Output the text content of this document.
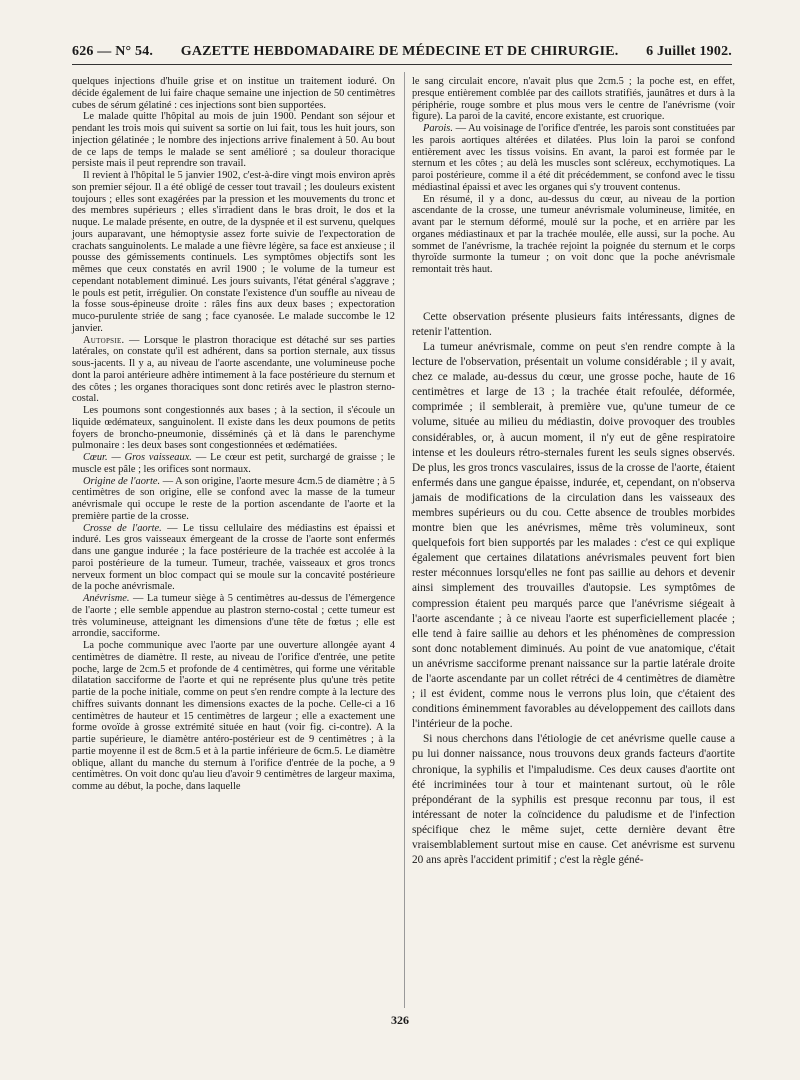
626 — N° 54. GAZETTE HEBDOMADAIRE DE MÉDECINE ET DE CHIRURGIE. 6 Juillet 1902.

quelques injections d'huile grise et on institue un traitement ioduré. On décide également de lui faire chaque semaine une injection de 50 centimètres cubes de sérum gélatiné : ces injections sont bien supportées.

Le malade quitte l'hôpital au mois de juin 1900. Pendant son séjour et pendant les trois mois qui suivent sa sortie on lui fait, tous les huit jours, son injection gélatinée ; le nombre des injections arrive finalement à 50. Au bout de ce laps de temps le malade se sent amélioré ; sa douleur thoracique persiste mais il peut reprendre son travail.

Il revient à l'hôpital le 5 janvier 1902, c'est-à-dire vingt mois environ après son premier séjour. Il a été obligé de cesser tout travail ; les douleurs existent toujours ; elles sont exagérées par la pression et les mouvements du tronc et des membres supérieurs ; elles s'irradient dans le bras droit, le dos et la nuque. Le malade présente, en outre, de la dyspnée et il est survenu, quelques jours auparavant, une hémoptysie assez forte suivie de l'expectoration de crachats sanguinolents. Le malade a une fièvre légère, sa face est anxieuse ; il pousse des gémissements continuels. Les symptômes objectifs sont les mêmes que ceux constatés en avril 1900 ; le volume de la tumeur est cependant notablement diminué. Les jours suivants, l'état général s'aggrave ; le pouls est petit, irrégulier. On constate l'existence d'un souffle au niveau de la fosse sous-épineuse droite : râles fins aux deux bases ; expectoration muco-purulente striée de sang ; face cyanosée. Le malade succombe le 12 janvier.

Autopsie. — Lorsque le plastron thoracique est détaché sur ses parties latérales, on constate qu'il est adhérent, dans sa portion sternale, aux tissus sous-jacents. Il y a, au niveau de l'aorte ascendante, une volumineuse poche dont la paroi antérieure adhère intimement à la face postérieure du sternum et des côtes ; les organes thoraciques sont donc retirés avec le plastron sterno-costal.

Les poumons sont congestionnés aux bases ; à la section, il s'écoule un liquide œdémateux, sanguinolent. Il existe dans les deux poumons de petits foyers de broncho-pneumonie, disséminés çà et là dans le parenchyme pulmonaire : les deux bases sont congestionnées et œdématiées.

Cœur. — Gros vaisseaux. — Le cœur est petit, surchargé de graisse ; le muscle est pâle ; les orifices sont normaux.

Origine de l'aorte. — A son origine, l'aorte mesure 4cm.5 de diamètre ; à 5 centimètres de son origine, elle se confond avec la masse de la tumeur anévrismale qui occupe le reste de la portion ascendante de l'aorte et la première partie de la crosse.

Crosse de l'aorte. — Le tissu cellulaire des médiastins est épaissi et induré. Les gros vaisseaux émergeant de la crosse de l'aorte sont enfermés dans une gangue indurée ; la face postérieure de la trachée est accolée à la paroi postérieure de la tumeur. Tumeur, trachée, vaisseaux et gros troncs nerveux forment un bloc compact qui se moule sur la concavité postérieure de la poche anévrismale.

Anévrisme. — La tumeur siège à 5 centimètres au-dessus de l'émergence de l'aorte ; elle semble appendue au plastron sterno-costal ; cette tumeur est très volumineuse, atteignant les dimensions d'une tête de fœtus ; elle est arrondie, sacciforme.

La poche communique avec l'aorte par une ouverture allongée ayant 4 centimètres de diamètre. Il reste, au niveau de l'orifice d'entrée, une petite poche, large de 2cm.5 et profonde de 4 centimètres, qui forme une véritable dilatation sacciforme de l'aorte et qui ne représente plus qu'une très petite partie de la poche initiale, comme on peut s'en rendre compte à la lecture des chiffres suivants donnant les dimensions exactes de la poche. Celle-ci a 16 centimètres de hauteur et 15 centimètres de largeur ; elle a exactement une forme ovoïde à grosse extrémité située en haut (voir fig. ci-contre). A la partie supérieure, le diamètre antéro-postérieur est de 9 centimètres ; à la partie moyenne il est de 8cm.5 et à la partie inférieure de 6cm.5. Le diamètre oblique, allant du manche du sternum à l'orifice d'entrée de la poche, a 9 centimètres. On voit donc qu'au lieu d'avoir 9 centimètres de largeur maxima, comme au début, la poche, dans laquelle

le sang circulait encore, n'avait plus que 2cm.5 ; la poche est, en effet, presque entièrement comblée par des caillots stratifiés, jaunâtres et durs à la périphérie, rouge sombre et plus mous vers le centre de l'anévrisme (voir figure). La paroi de la cavité, encore existante, est cruorique.

Parois. — Au voisinage de l'orifice d'entrée, les parois sont constituées par les parois aortiques altérées et dilatées. Plus loin la paroi se confond entièrement avec les tissus voisins. En avant, la paroi est formée par le sternum et les côtes ; au delà les muscles sont scléreux, ecchymotiques. La paroi postérieure, comme il a été dit précédemment, se confond avec le tissu médiastinal épaissi et avec les organes qui s'y trouvent contenus.

En résumé, il y a donc, au-dessus du cœur, au niveau de la portion ascendante de la crosse, une tumeur anévrismale volumineuse, limitée, en avant par le sternum déformé, moulé sur la poche, et en arrière par les organes médiastinaux et par la trachée moulée, elle aussi, sur la poche. Au sommet de l'anévrisme, la trachée rejoint la poignée du sternum et le corps thyroïde surmonte la tumeur ; on voit donc que la poche anévrismale remontait très haut.

Cette observation présente plusieurs faits intéressants, dignes de retenir l'attention.

La tumeur anévrismale, comme on peut s'en rendre compte à la lecture de l'observation, présentait un volume considérable ; il y avait, chez ce malade, au-dessus du cœur, une grosse poche, haute de 16 centimètres et large de 13 ; la trachée était refoulée, déformée, comprimée ; il semblerait, à première vue, qu'une tumeur de ce volume, située au milieu du médiastin, doive provoquer des troubles considérables, or, à aucun moment, il n'y eut de gêne respiratoire intense et les douleurs rétro-sternales furent les seuls signes observés. De plus, les gros troncs vasculaires, issus de la crosse de l'aorte, étaient enfermés dans une gangue épaisse, indurée, et, cependant, on n'observa jamais de modifications de la circulation dans les vaisseaux des membres supérieurs ou du cou. Cette absence de troubles morbides montre bien que les anévrismes, même très volumineux, sont quelquefois fort bien supportés par les malades : c'est ce qui explique également que certaines dilatations anévrismales peuvent fort bien rester méconnues lorsqu'elles ne font pas saillie au dehors et devenir ainsi simplement des trouvailles d'autopsie. Les symptômes de compression étaient peu marqués parce que l'anévrisme siégeait à l'aorte ascendante ; à ce niveau l'aorte est superficiellement placée ; elle tend à faire saillie au dehors et les phénomènes de compression sont donc notablement diminués. Au point de vue anatomique, c'était un anévrisme sacciforme prenant naissance sur la partie latérale droite de l'aorte ascendante par un collet rétréci de 4 centimètres de diamètre ; il est évident, comme nous le verrons plus loin, que c'étaient des conditions éminemment favorables au développement des caillots dans l'intérieur de la poche.

Si nous cherchons dans l'étiologie de cet anévrisme quelle cause a pu lui donner naissance, nous trouvons deux grands facteurs d'aortite chronique, la syphilis et l'impaludisme. Ces deux causes d'aortite ont été incriminées tour à tour et maintenant surtout, où le rôle prépondérant de la syphilis est presque reconnu par tous, il est intéressant de noter la coïncidence du paludisme et de l'infection spécifique chez le même sujet, cette dernière devant être vraisemblablement surtout mise en cause. Cet anévrisme est survenu 20 ans après l'accident primitif ; c'est la règle géné-

326
